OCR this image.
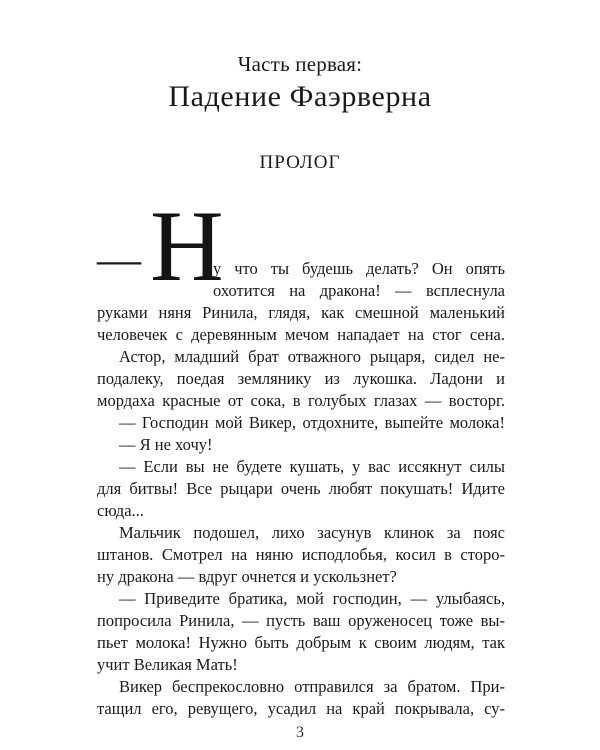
Часть первая:
Падение Фаэрверна
ПРОЛОГ
— Н
у что ты будешь делать? Он опять
охотится на дракона! — всплеснула
руками няня Ринила, глядя, как смешной маленький
человечек с деревянным мечом нападает на стог сена.
Астор, младший брат отважного рыцаря, сидел не-
подалеку, поедая землянику из лукошка. Ладони и
мордаха красные от сока, в голубых глазах — восторг.
— Господин мой Викер, отдохните, выпейте молока!
— Я не хочу!
— Если вы не будете кушать, у вас иссякнут силы
для битвы! Все рыцари очень любят покушать! Идите
сюда...
Мальчик подошел, лихо засунув клинок за пояс
штанов. Смотрел на няню исподлобья, косил в сторо-
ну дракона — вдруг очнется и ускользнет?
— Приведите братика, мой господин, — улыбаясь,
попросила Ринила, — пусть ваш оруженосец тоже вы-
пьет молока! Нужно быть добрым к своим людям, так
учит Великая Мать!
Викер беспрекословно отправился за братом. При-
тащил его, ревущего, усадил на край покрывала, су-
3
